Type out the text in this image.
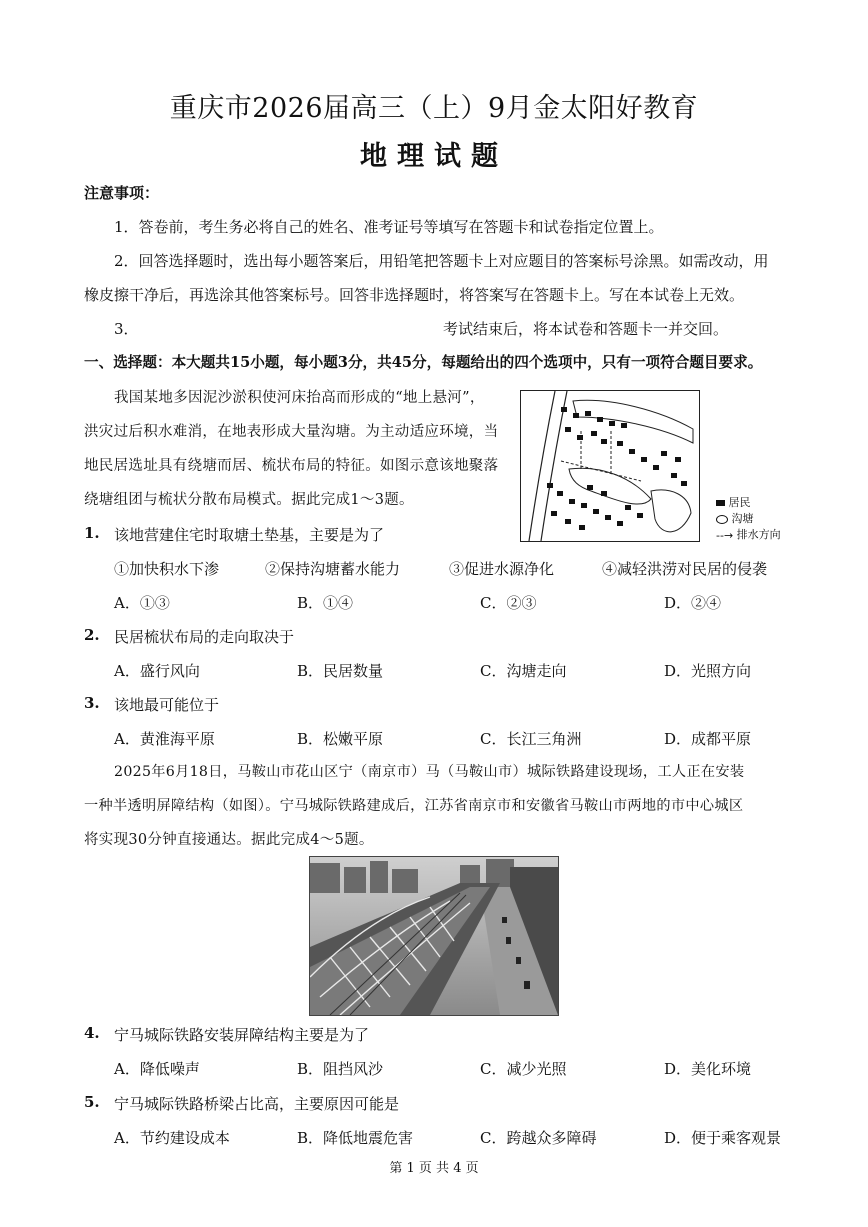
重庆市2026届高三（上）9月金太阳好教育
地理试题
注意事项：
1．答卷前，考生务必将自己的姓名、准考证号等填写在答题卡和试卷指定位置上。
2．回答选择题时，选出每小题答案后，用铅笔把答题卡上对应题目的答案标号涂黑。如需改动，用
橡皮擦干净后，再选涂其他答案标号。回答非选择题时，将答案写在答题卡上。写在本试卷上无效。
3．	考试结束后，将本试卷和答题卡一并交回。
一、选择题：本大题共15小题，每小题3分，共45分，每题给出的四个选项中，只有一项符合题目要求。
我国某地多因泥沙淤积使河床抬高而形成的“地上悬河”，
洪灾过后积水难消，在地表形成大量沟塘。为主动适应环境，当
地民居选址具有绕塘而居、梳状布局的特征。如图示意该地聚落
绕塘组团与梳状分散布局模式。据此完成1～3题。	居民
沟塘
--→ 排水方向
1. 该地营建住宅时取塘土垫基，主要是为了
①加快积水下渗	②保持沟塘蓄水能力	③促进水源净化	④减轻洪涝对民居的侵袭
A．①③	B．①④	C．②③	D．②④
2. 民居梳状布局的走向取决于
A．盛行风向	B．民居数量	C．沟塘走向	D．光照方向
3. 该地最可能位于
A．黄淮海平原	B．松嫩平原	C．长江三角洲	D．成都平原
2025年6月18日，马鞍山市花山区宁（南京市）马（马鞍山市）城际铁路建设现场，工人正在安装
一种半透明屏障结构（如图）。宁马城际铁路建成后，江苏省南京市和安徽省马鞍山市两地的市中心城区
将实现30分钟直接通达。据此完成4～5题。
4. 宁马城际铁路安装屏障结构主要是为了
A．降低噪声	B．阻挡风沙	C．减少光照	D．美化环境
5. 宁马城际铁路桥梁占比高，主要原因可能是
A．节约建设成本	B．降低地震危害	C．跨越众多障碍	D．便于乘客观景
第 1 页 共 4 页
